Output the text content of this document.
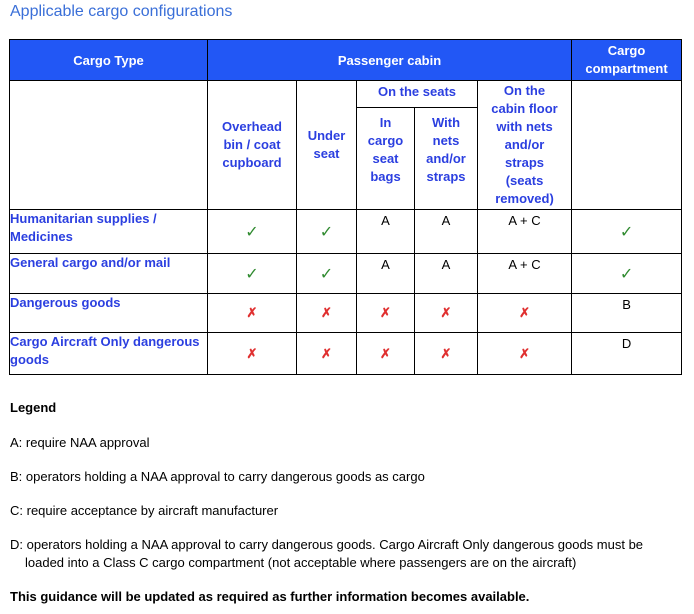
Applicable cargo configurations
Cargo Type	Passenger cabin					Cargo compartment
	Overhead bin / coat cupboard	Under seat	On the seats		On the cabin floor with nets and/or straps (seats removed)	
			In cargo seat bags	With nets and/or straps		
Humanitarian supplies / Medicines	✓	✓	A	A	A + C	✓
General cargo and/or mail	✓	✓	A	A	A + C	✓
Dangerous goods	✗	✗	✗	✗	✗	B
Cargo Aircraft Only dangerous goods	✗	✗	✗	✗	✗	D
Legend
A: require NAA approval
B: operators holding a NAA approval to carry dangerous goods as cargo
C: require acceptance by aircraft manufacturer
D: operators holding a NAA approval to carry dangerous goods. Cargo Aircraft Only dangerous goods must be
loaded into a Class C cargo compartment (not acceptable where passengers are on the aircraft)
This guidance will be updated as required as further information becomes available.
